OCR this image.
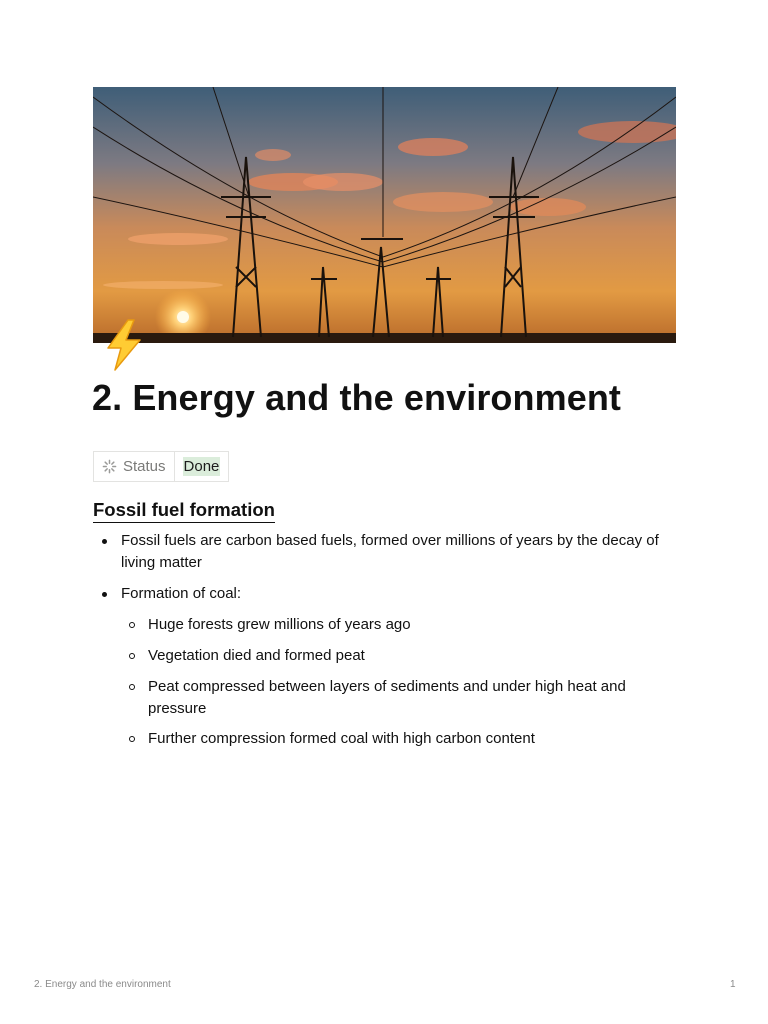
2. Energy and the environment
Status Done
Fossil fuel formation
Fossil fuels are carbon based fuels, formed over millions of years by the decay of living matter
Formation of coal:
Huge forests grew millions of years ago
Vegetation died and formed peat
Peat compressed between layers of sediments and under high heat and pressure
Further compression formed coal with high carbon content
2. Energy and the environment	1
